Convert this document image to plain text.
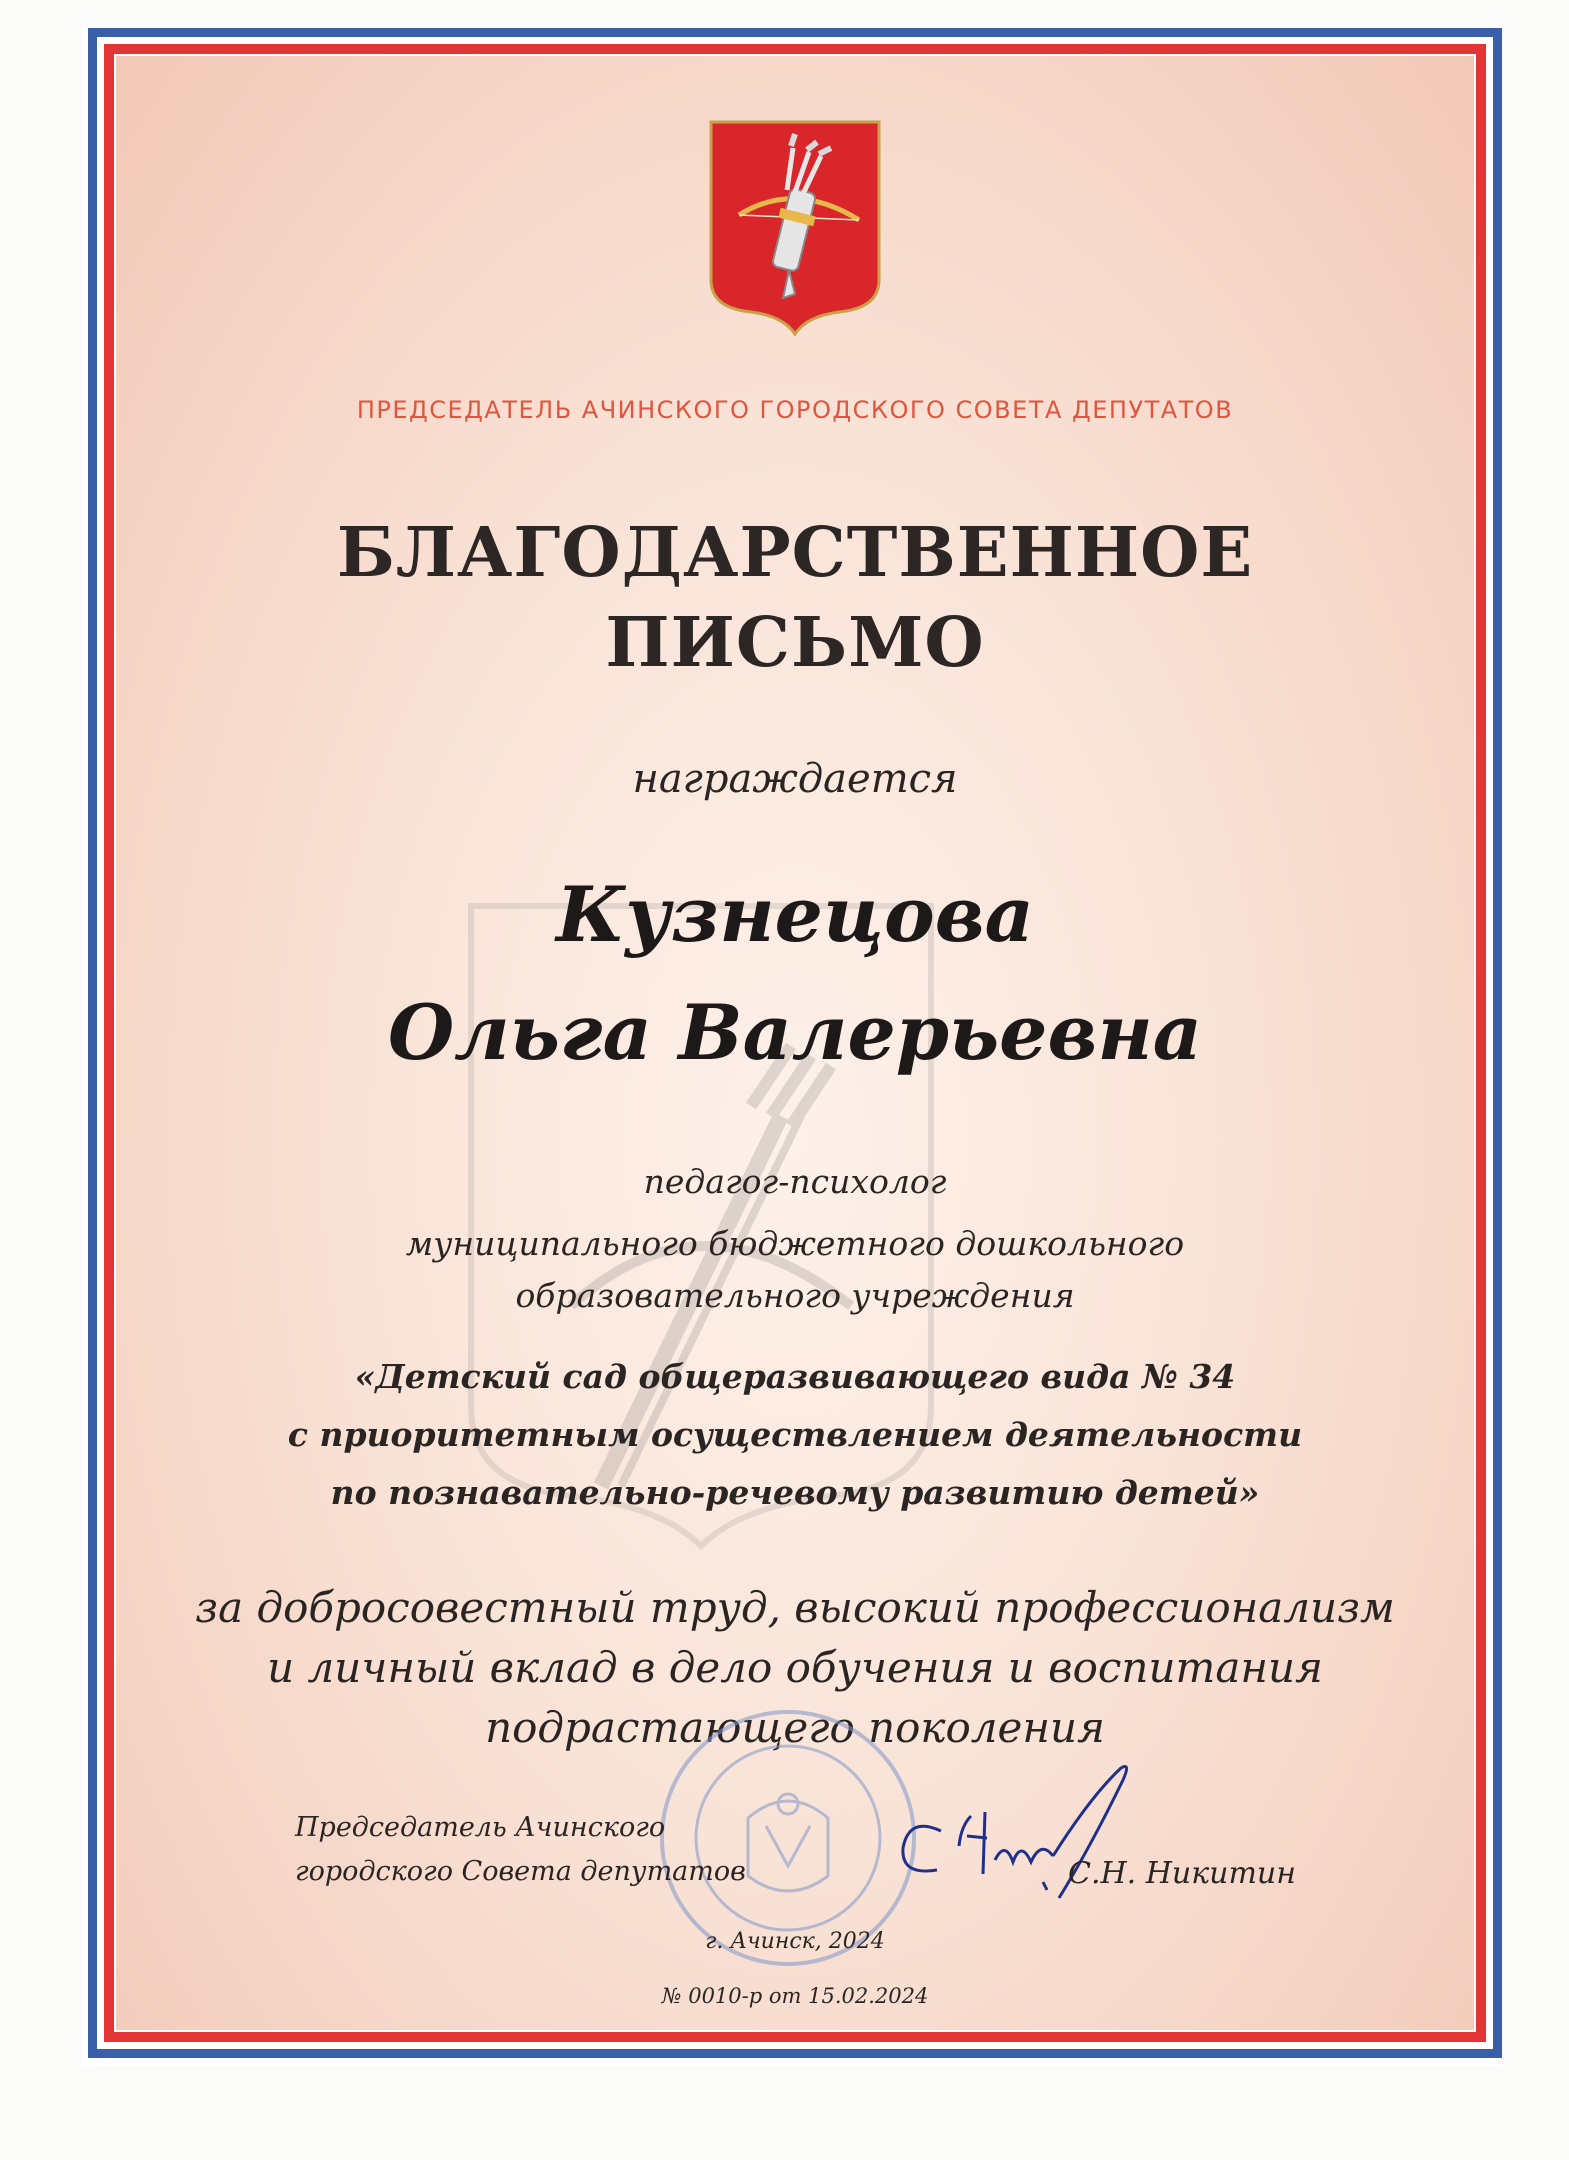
ПРЕДСЕДАТЕЛЬ АЧИНСКОГО ГОРОДСКОГО СОВЕТА ДЕПУТАТОВ

БЛАГОДАРСТВЕННОЕ
ПИСЬМО

награждается

Кузнецова
Ольга Валерьевна

педагог-психолог

муниципального бюджетного дошкольного
образовательного учреждения

«Детский сад общеразвивающего вида № 34
с приоритетным осуществлением деятельности
по познавательно-речевому развитию детей»

за добросовестный труд, высокий профессионализм
и личный вклад в дело обучения и воспитания
подрастающего поколения

Председатель Ачинского
городского Совета депутатов	С.Н. Никитин

г. Ачинск, 2024

№ 0010-р от 15.02.2024
